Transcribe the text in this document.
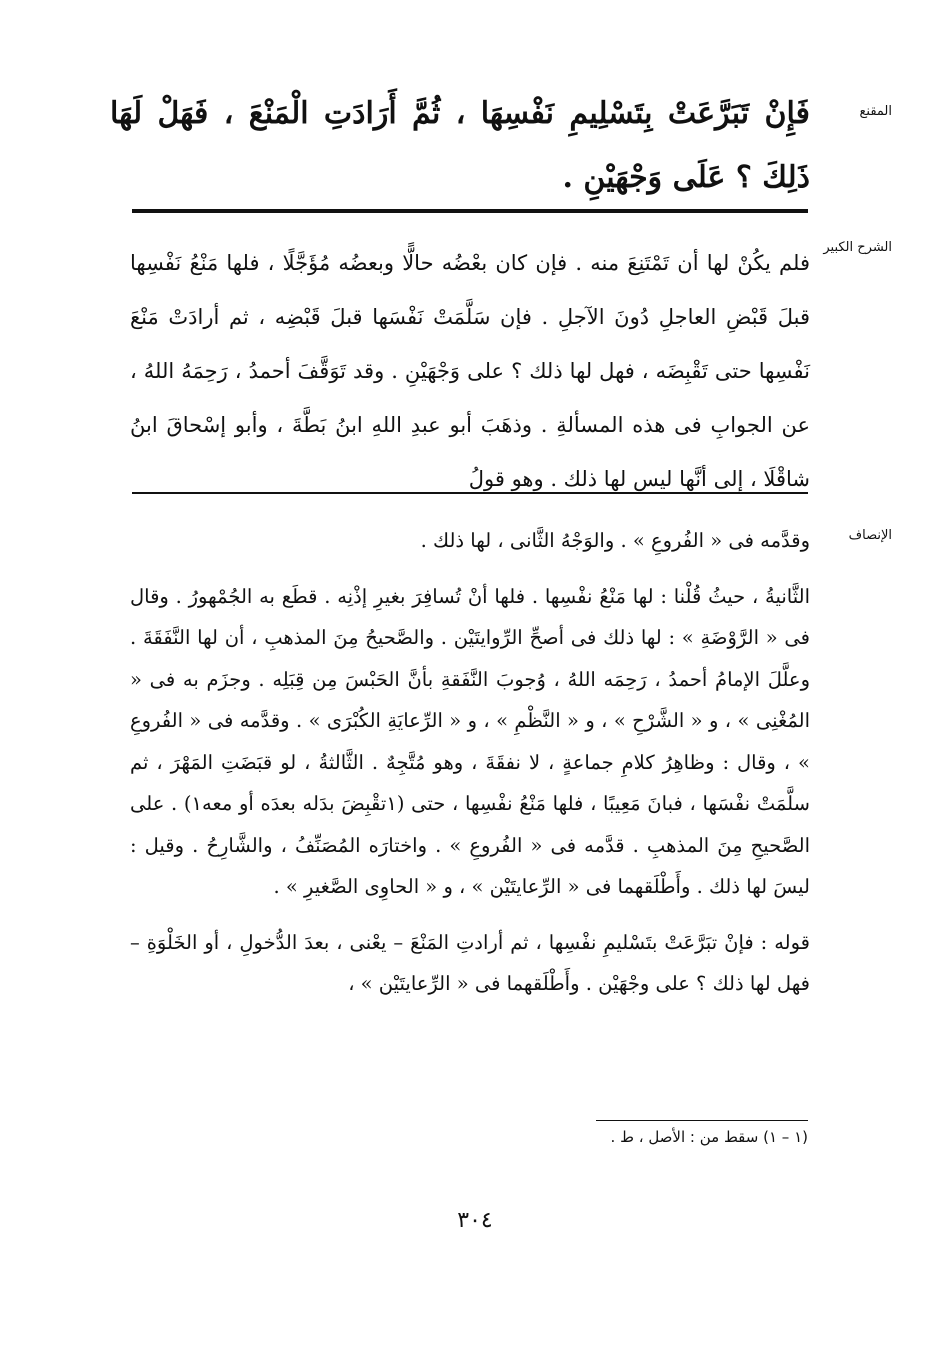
المقنع
فَإِنْ تَبَرَّعَتْ بِتَسْلِيمِ نَفْسِهَا ، ثُمَّ أَرَادَتِ الْمَنْعَ ، فَهَلْ لَهَا ذَلِكَ ؟ عَلَى وَجْهَيْنِ .
الشرح الكبير
فلم يكُنْ لها أن تَمْتَنِعَ منه . فإن كان بعْضُه حالًّا وبعضُه مُؤَجَّلًا ، فلها مَنْعُ نَفْسِها قبلَ قَبْضِ العاجلِ دُونَ الآجلِ . فإن سَلَّمَتْ نَفْسَها قبلَ قَبْضِه ، ثم أرادَتْ مَنْعَ نَفْسِها حتى تَقْبِضَه ، فهل لها ذلك ؟ على وَجْهَيْنِ . وقد تَوَقَّفَ أحمدُ ، رَحِمَهُ اللهُ ، عن الجوابِ فى هذه المسألةِ . وذهَبَ أبو عبدِ اللهِ ابنُ بَطَّةَ ، وأبو إسْحاقَ ابنُ شاقْلَا ، إلى أنَّها ليس لها ذلك . وهو قولُ
الإنصاف

وقدَّمه فى « الفُروعِ » . والوَجْهُ الثَّانى ، لها ذلك .

الثَّانيةُ ، حيثُ قُلْنا : لها مَنْعُ نفْسِها . فلها أنْ تُسافِرَ بغيرِ إذْنِه . قطَع به الجُمْهورُ . وقال فى « الرَّوْضَةِ » : لها ذلك فى أصحِّ الرِّوايتَيْن . والصَّحيحُ مِنَ المذهبِ ، أن لها النَّفَقَةَ . وعلَّلَ الإمامُ أحمدُ ، رَحِمَه اللهُ ، وُجوبَ النَّفَقةِ بأنَّ الحَبْسَ مِن قِبَلِه . وجزَم به فى « المُغْنِى » ، و « الشَّرْحِ » ، و « النَّظْمِ » ، و « الرِّعايَةِ الكُبْرَى » . وقدَّمه فى « الفُروعِ » ، وقال : وظاهِرُ كلامِ جماعةٍ ، لا نفقَةَ ، وهو مُتَّجِهٌ . الثَّالثةُ ، لو قبَضَتِ المَهْرَ ، ثم سلَّمَتْ نفْسَها ، فبانَ مَعِيبًا ، فلها مَنْعُ نفْسِها ، حتى (١تقْبِضَ بدَله بعدَه أو معه١) . على الصَّحيحِ مِنَ المذهبِ . قدَّمه فى « الفُروعِ » . واختارَه المُصَنِّفُ ، والشَّارِحُ . وقيل : ليسَ لها ذلك . وأَطْلَقهما فى « الرِّعايتَيْن » ، و « الحاوِى الصَّغيرِ » .

قوله : فإنْ تبَرَّعَتْ بتَسْليمِ نفْسِها ، ثم أرادتِ المَنْعَ – يعْنى ، بعدَ الدُّخولِ ، أو الخَلْوَةِ – فهل لها ذلك ؟ على وجْهَيْن . وأَطْلَقهما فى « الرِّعايتَيْن » ،

(١ – ١) سقط من : الأصل ، ط .
٣٠٤
